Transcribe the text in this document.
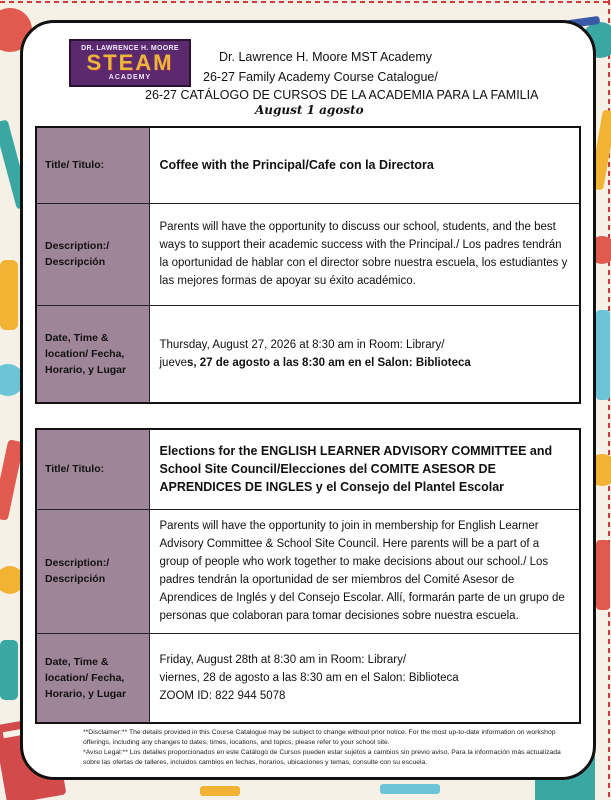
DR. LAWRENCE H. MOORE
STEAM
ACADEMY
Dr. Lawrence H. Moore MST Academy
26-27 Family Academy Course Catalogue/
26-27 CATÁLOGO DE CURSOS DE LA ACADEMIA PARA LA FAMILIA
August 1 agosto
Title/ Titulo:	Coffee with the Principal/Cafe con la Directora
Description:/ Descripción	Parents will have the opportunity to discuss our school, students, and the best ways to support their academic success with the Principal./ Los padres tendrán la oportunidad de hablar con el director sobre nuestra escuela, los estudiantes y las mejores formas de apoyar su éxito académico.
Date, Time & location/ Fecha, Horario, y Lugar	Thursday, August 27, 2026 at 8:30 am in Room: Library/
jueves, 27 de agosto a las 8:30 am en el Salon: Biblioteca
Title/ Titulo:	Elections for the ENGLISH LEARNER ADVISORY COMMITTEE and School Site Council/Elecciones del COMITE ASESOR DE APRENDICES DE INGLES y el Consejo del Plantel Escolar
Description:/ Descripción	Parents will have the opportunity to join in membership for English Learner Advisory Committee & School Site Council. Here parents will be a part of a group of people who work together to make decisions about our school./ Los padres tendrán la oportunidad de ser miembros del Comité Asesor de Aprendices de Inglés y del Consejo Escolar. Allí, formarán parte de un grupo de personas que colaboran para tomar decisiones sobre nuestra escuela.
Date, Time & location/ Fecha, Horario, y Lugar	Friday, August 28th at 8:30 am in Room: Library/
viernes, 28 de agosto a las 8:30 am en el Salon: Biblioteca
ZOOM ID: 822 944 5078
**Disclaimer:** The details provided in this Course Catalogue may be subject to change without prior notice. For the most up-to-date information on workshop offerings, including any changes to dates, times, locations, and topics, please refer to your school site.
*Aviso Legal:** Los detalles proporcionados en este Catálogo de Cursos pueden estar sujetos a cambios sin previo aviso. Para la información más actualizada sobre las ofertas de talleres, incluidos cambios en fechas, horarios, ubicaciones y temas, consulte con su escuela.
